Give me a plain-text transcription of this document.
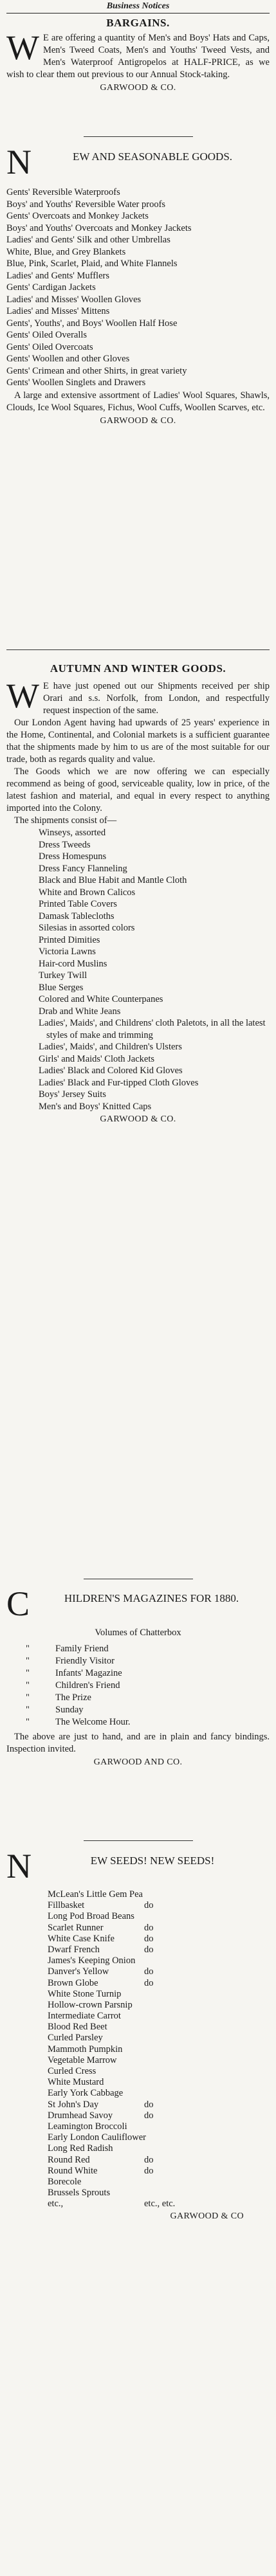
Business Notices
BARGAINS.
W E are offering a quantity of Men's and Boys' Hats and Caps, Men's Tweed Coats, Men's and Youths' Tweed Vests, and Men's Waterproof Antigropelos at HALF-PRICE, as we wish to clear them out previous to our Annual Stock-taking.
GARWOOD & CO.
N	EW AND SEASONABLE GOODS.
Gents' Reversible Waterproofs
Boys' and Youths' Reversible Water proofs
Gents' Overcoats and Monkey Jackets
Boys' and Youths' Overcoats and Monkey Jackets
Ladies' and Gents' Silk and other Umbrellas
White, Blue, and Grey Blankets
Blue, Pink, Scarlet, Plaid, and White Flannels
Ladies' and Gents' Mufflers
Gents' Cardigan Jackets
Ladies' and Misses' Woollen Gloves
Ladies' and Misses' Mittens
Gents', Youths', and Boys' Woollen Half Hose
Gents' Oiled Overalls
Gents' Oiled Overcoats
Gents' Woollen and other Gloves
Gents' Crimean and other Shirts, in great variety
Gents' Woollen Singlets and Drawers
A large and extensive assortment of Ladies' Wool Squares, Shawls, Clouds, Ice Wool Squares, Fichus, Wool Cuffs, Woollen Scarves, etc.
GARWOOD & CO.
AUTUMN AND WINTER GOODS.
W E have just opened out our Shipments received per ship Orari and s.s. Norfolk, from London, and respectfully request inspection of the same.
Our London Agent having had upwards of 25 years' experience in the Home, Continental, and Colonial markets is a sufficient guarantee that the shipments made by him to us are of the most suitable for our trade, both as regards quality and value.
The Goods which we are now offering we can especially recommend as being of good, serviceable quality, low in price, of the latest fashion and material, and equal in every respect to anything imported into the Colony.
The shipments consist of—
Winseys, assorted
Dress Tweeds
Dress Homespuns
Dress Fancy Flanneling
Black and Blue Habit and Mantle Cloth
White and Brown Calicos
Printed Table Covers
Damask Tablecloths
Silesias in assorted colors
Printed Dimities
Victoria Lawns
Hair-cord Muslins
Turkey Twill
Blue Serges
Colored and White Counterpanes
Drab and White Jeans
Ladies', Maids', and Childrens' cloth Paletots, in all the latest styles of make and trimming
Ladies', Maids', and Children's Ulsters
Girls' and Maids' Cloth Jackets
Ladies' Black and Colored Kid Gloves
Ladies' Black and Fur-tipped Cloth Gloves
Boys' Jersey Suits
Men's and Boys' Knitted Caps
GARWOOD & CO.
C	HILDREN'S MAGAZINES FOR 1880.
Volumes of Chatterbox
"	Family Friend
"	Friendly Visitor
"	Infants' Magazine
"	Children's Friend
"	The Prize
"	Sunday
"	The Welcome Hour.
The above are just to hand, and are in plain and fancy bindings. Inspection invited.
GARWOOD AND CO.
N	EW SEEDS! NEW SEEDS!
McLean's Little Gem Pea
Fillbasket	do
Long Pod Broad Beans
Scarlet Runner	do
White Case Knife	do
Dwarf French	do
James's Keeping Onion
Danver's Yellow	do
Brown Globe	do
White Stone Turnip
Hollow-crown Parsnip
Intermediate Carrot
Blood Red Beet
Curled Parsley
Mammoth Pumpkin
Vegetable Marrow
Curled Cress
White Mustard
Early York Cabbage
St John's Day	do
Drumhead Savoy	do
Leamington Broccoli
Early London Cauliflower
Long Red Radish
Round Red	do
Round White	do
Borecole
Brussels Sprouts
etc.,	etc., etc.
GARWOOD & CO
